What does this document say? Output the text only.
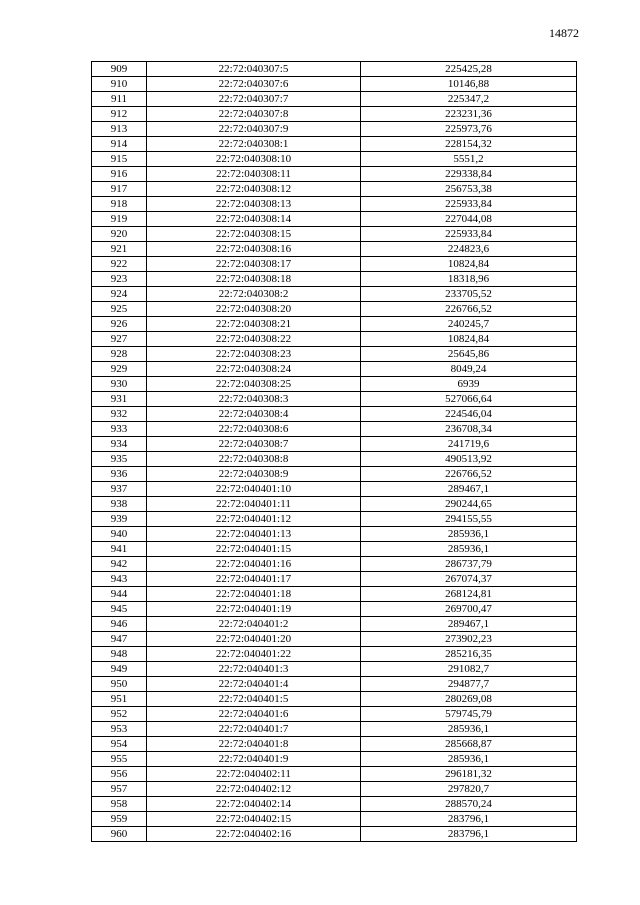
14872
909	22:72:040307:5	225425,28
910	22:72:040307:6	10146,88
911	22:72:040307:7	225347,2
912	22:72:040307:8	223231,36
913	22:72:040307:9	225973,76
914	22:72:040308:1	228154,32
915	22:72:040308:10	5551,2
916	22:72:040308:11	229338,84
917	22:72:040308:12	256753,38
918	22:72:040308:13	225933,84
919	22:72:040308:14	227044,08
920	22:72:040308:15	225933,84
921	22:72:040308:16	224823,6
922	22:72:040308:17	10824,84
923	22:72:040308:18	18318,96
924	22:72:040308:2	233705,52
925	22:72:040308:20	226766,52
926	22:72:040308:21	240245,7
927	22:72:040308:22	10824,84
928	22:72:040308:23	25645,86
929	22:72:040308:24	8049,24
930	22:72:040308:25	6939
931	22:72:040308:3	527066,64
932	22:72:040308:4	224546,04
933	22:72:040308:6	236708,34
934	22:72:040308:7	241719,6
935	22:72:040308:8	490513,92
936	22:72:040308:9	226766,52
937	22:72:040401:10	289467,1
938	22:72:040401:11	290244,65
939	22:72:040401:12	294155,55
940	22:72:040401:13	285936,1
941	22:72:040401:15	285936,1
942	22:72:040401:16	286737,79
943	22:72:040401:17	267074,37
944	22:72:040401:18	268124,81
945	22:72:040401:19	269700,47
946	22:72:040401:2	289467,1
947	22:72:040401:20	273902,23
948	22:72:040401:22	285216,35
949	22:72:040401:3	291082,7
950	22:72:040401:4	294877,7
951	22:72:040401:5	280269,08
952	22:72:040401:6	579745,79
953	22:72:040401:7	285936,1
954	22:72:040401:8	285668,87
955	22:72:040401:9	285936,1
956	22:72:040402:11	296181,32
957	22:72:040402:12	297820,7
958	22:72:040402:14	288570,24
959	22:72:040402:15	283796,1
960	22:72:040402:16	283796,1
